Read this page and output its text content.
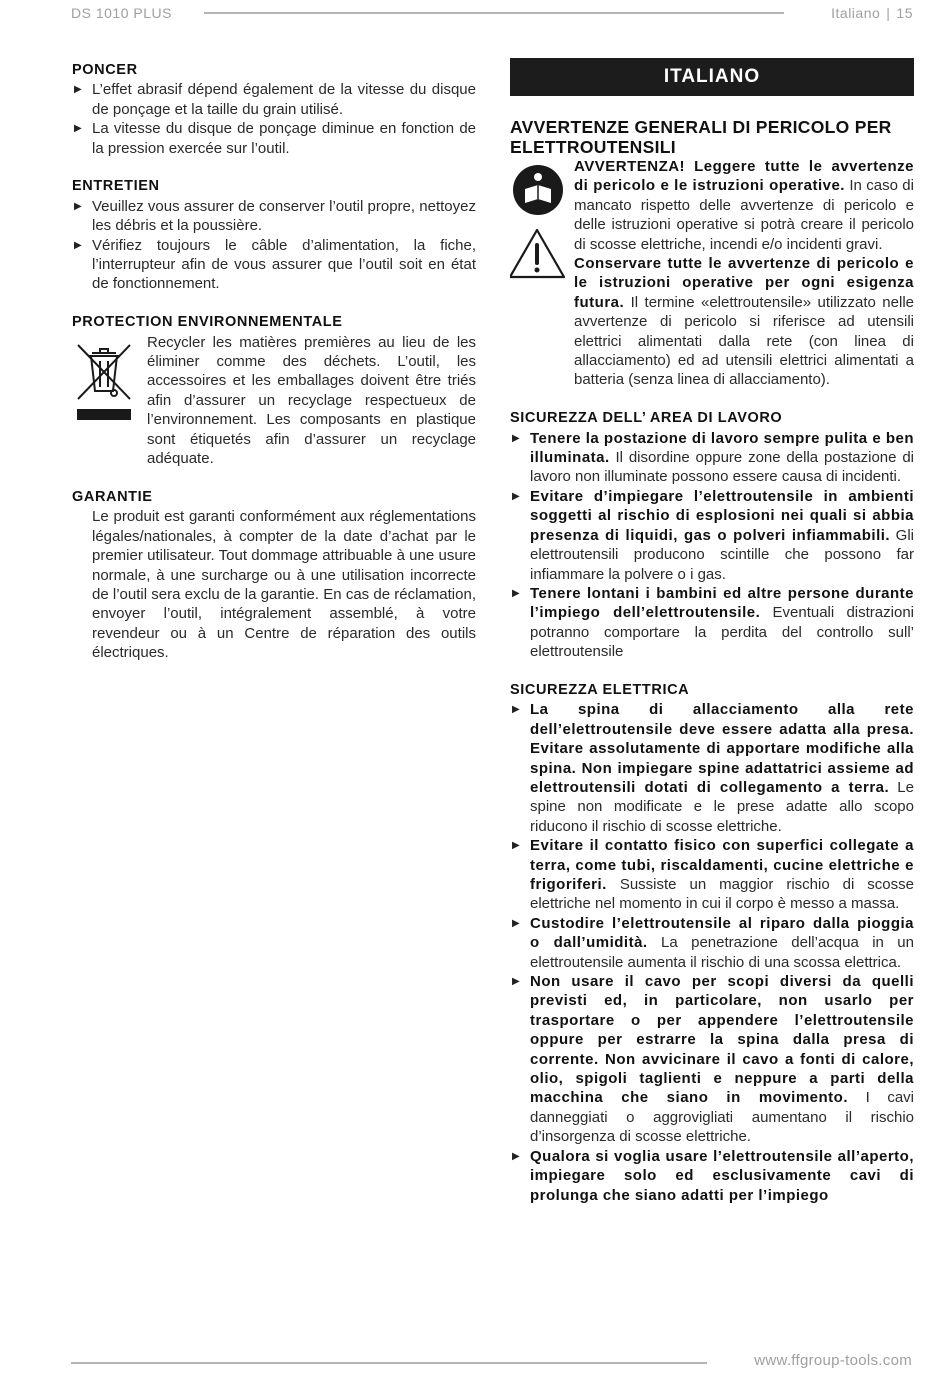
DS 1010 PLUS	Italiano | 15
PONCER
▶ L’effet abrasif dépend également de la vitesse du disque de ponçage et la taille du grain utilisé.
▶ La vitesse du disque de ponçage diminue en fonction de la pression exercée sur l’outil.
ENTRETIEN
▶ Veuillez vous assurer de conserver l’outil propre, nettoyez les débris et la poussière.
▶ Vérifiez toujours le câble d’alimentation, la fiche, l’interrupteur afin de vous assurer que l’outil soit en état de fonctionnement.
PROTECTION ENVIRONNEMENTALE

Recycler les matières premières au lieu de les éliminer comme des déchets. L’outil, les accessoires et les emballages doivent être triés afin d’assurer un recyclage respectueux de l’environnement. Les composants en plastique sont étiquetés afin d’assurer un recyclage adéquate.

GARANTIE

Le produit est garanti conformément aux réglementations légales/nationales, à compter de la date d’achat par le premier utilisateur. Tout dommage attribuable à une usure normale, à une surcharge ou à une utilisation incorrecte de l’outil sera exclu de la garantie. En cas de réclamation, envoyer l’outil, intégralement assemblé, à votre revendeur ou à un Centre de réparation des outils électriques.

ITALIANO
AVVERTENZE GENERALI DI PERICOLO PER ELETTROUTENSILI

AVVERTENZA! Leggere tutte le avvertenze di pericolo e le istruzioni operative. In caso di mancato rispetto delle avvertenze di pericolo e delle istruzioni operative si potrà creare il pericolo di scosse elettriche, incendi e/o incidenti gravi.

Conservare tutte le avvertenze di pericolo e le istruzioni operative per ogni esigenza futura. Il termine «elettroutensile» utilizzato nelle avvertenze di pericolo si riferisce ad utensili elettrici alimentati dalla rete (con linea di allacciamento) ed ad utensili elettrici alimentati a batteria (senza linea di allacciamento).

SICUREZZA DELL’ AREA DI LAVORO
▶ Tenere la postazione di lavoro sempre pulita e ben illuminata. Il disordine oppure zone della postazione di lavoro non illuminate possono essere causa di incidenti.
▶ Evitare d’impiegare l’elettroutensile in ambienti soggetti al rischio di esplosioni nei quali si abbia presenza di liquidi, gas o polveri infiammabili. Gli elettroutensili producono scintille che possono far infiammare la polvere o i gas.
▶ Tenere lontani i bambini ed altre persone durante l’impiego dell’elettroutensile. Eventuali distrazioni potranno comportare la perdita del controllo sull’ elettroutensile
SICUREZZA ELETTRICA
▶ La spina di allacciamento alla rete dell’elettroutensile deve essere adatta alla presa. Evitare assolutamente di apportare modifiche alla spina. Non impiegare spine adattatrici assieme ad elettroutensili dotati di collegamento a terra. Le spine non modificate e le prese adatte allo scopo riducono il rischio di scosse elettriche.
▶ Evitare il contatto fisico con superfici collegate a terra, come tubi, riscaldamenti, cucine elettriche e frigoriferi. Sussiste un maggior rischio di scosse elettriche nel momento in cui il corpo è messo a massa.
▶ Custodire l’elettroutensile al riparo dalla pioggia o dall’umidità. La penetrazione dell’acqua in un elettroutensile aumenta il rischio di una scossa elettrica.
▶ Non usare il cavo per scopi diversi da quelli previsti ed, in particolare, non usarlo per trasportare o per appendere l’elettroutensile oppure per estrarre la spina dalla presa di corrente. Non avvicinare il cavo a fonti di calore, olio, spigoli taglienti e neppure a parti della macchina che siano in movimento. I cavi danneggiati o aggrovigliati aumentano il rischio d’insorgenza di scosse elettriche.
▶ Qualora si voglia usare l’elettroutensile all’aperto, impiegare solo ed esclusivamente cavi di prolunga che siano adatti per l’impiego
www.ffgroup-tools.com
